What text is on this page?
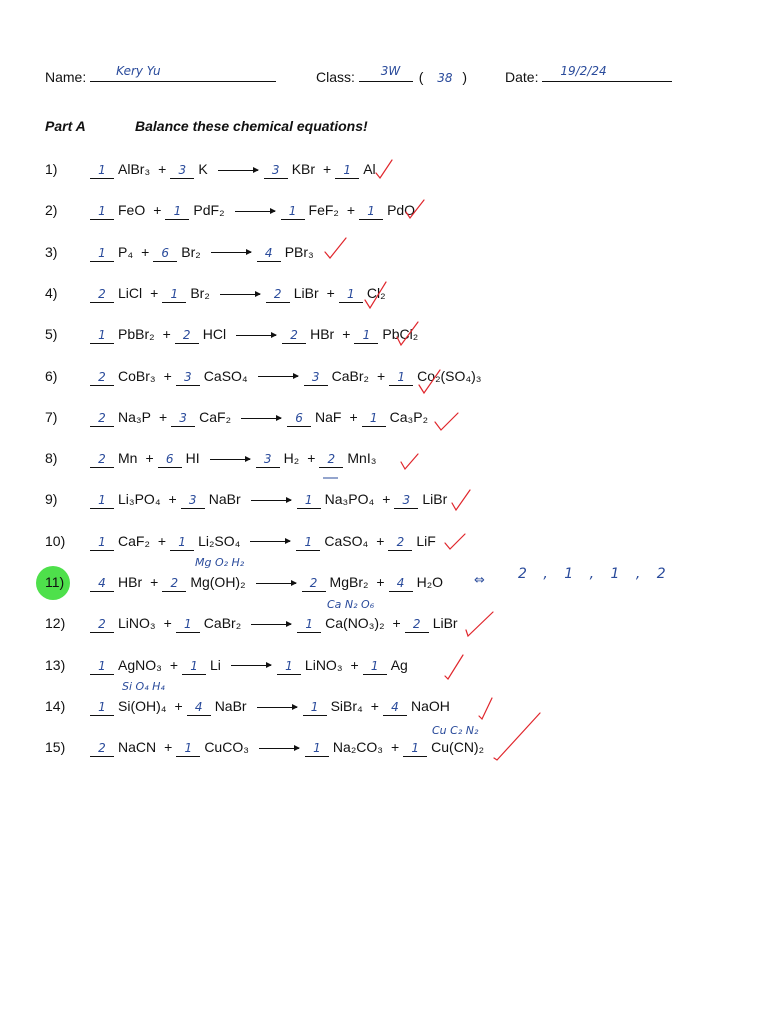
Name: Kery Yu	Class: 3W ( 38 )	Date: 19/2/24
Part A	Balance these chemical equations!
1)	1 AlBr₃ + 3 K → 3 KBr + 1 Al
2)	1 FeO + 1 PdF₂ → 1 FeF₂ + 1 PdO
3)	1 P₄ + 6 Br₂ → 4 PBr₃
4)	2 LiCl + 1 Br₂ → 2 LiBr + 1 Cl₂
5)	1 PbBr₂ + 2 HCl → 2 HBr + 1 PbCl₂
6)	2 CoBr₃ + 3 CaSO₄ → 3 CaBr₂ + 1 Co₂(SO₄)₃
7)	2 Na₃P + 3 CaF₂ → 6 NaF + 1 Ca₃P₂
8)	2 Mn + 6 HI → 3 H₂ + 2 MnI₃
9)	1 Li₃PO₄ + 3 NaBr → 1 Na₃PO₄ + 3 LiBr
10)	1 CaF₂ + 1 Li₂SO₄ → 1 CaSO₄ + 2 LiF
11)	4 HBr + 2 Mg(OH)₂ → 2 MgBr₂ + 4 H₂O
12)	2 LiNO₃ + 1 CaBr₂ → 1 Ca(NO₃)₂ + 2 LiBr
13)	1 AgNO₃ + 1 Li → 1 LiNO₃ + 1 Ag
14)	1 Si(OH)₄ + 4 NaBr → 1 SiBr₄ + 4 NaOH
15)	2 NaCN + 1 CuCO₃ → 1 Na₂CO₃ + 1 Cu(CN)₂
Mg O₂ H₂
Ca N₂ O₆
Si O₄ H₄
Cu C₂ N₂
⇔ 2 , 1 , 1 , 2
